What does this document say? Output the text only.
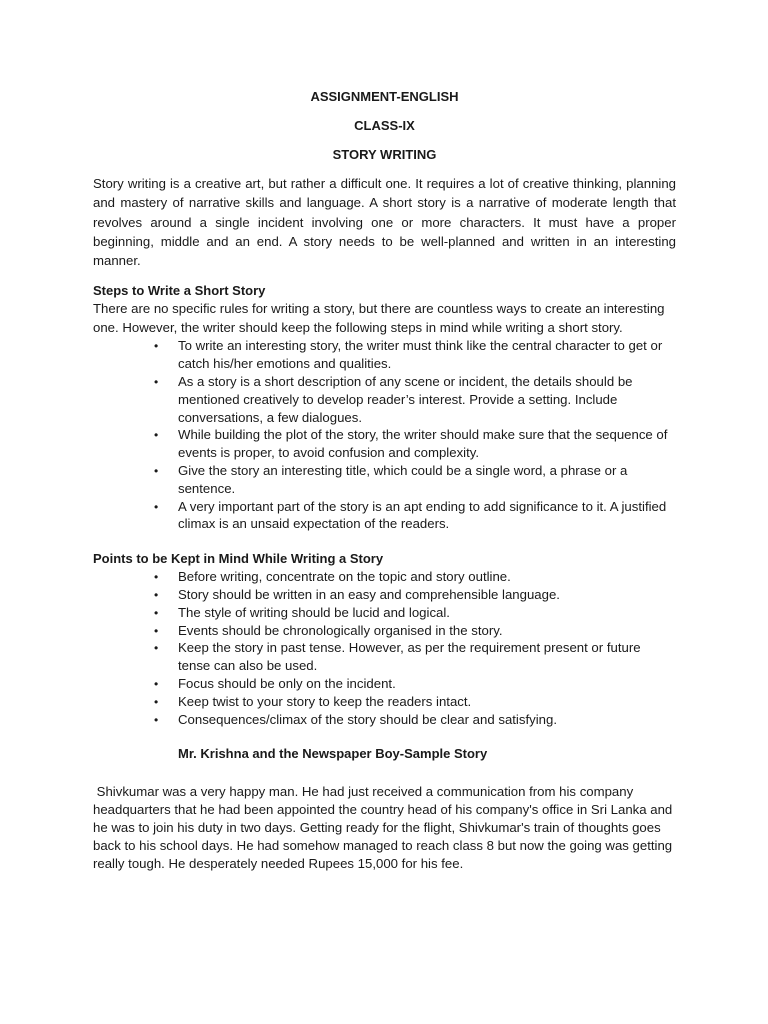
ASSIGNMENT-ENGLISH

CLASS-IX

STORY WRITING

Story writing is a creative art, but rather a difficult one. It requires a lot of creative thinking, planning and mastery of narrative skills and language. A short story is a narrative of moderate length that revolves around a single incident involving one or more characters. It must have a proper beginning, middle and an end. A story needs to be well-planned and written in an interesting manner.

Steps to Write a Short Story

There are no specific rules for writing a story, but there are countless ways to create an interesting one. However, the writer should keep the following steps in mind while writing a short story.

•	To write an interesting story, the writer must think like the central character to get or catch his/her emotions and qualities.
•	As a story is a short description of any scene or incident, the details should be mentioned creatively to develop reader’s interest. Provide a setting. Include conversations, a few dialogues.
•	While building the plot of the story, the writer should make sure that the sequence of events is proper, to avoid confusion and complexity.
•	Give the story an interesting title, which could be a single word, a phrase or a sentence.
•	A very important part of the story is an apt ending to add significance to it. A justified climax is an unsaid expectation of the readers.

Points to be Kept in Mind While Writing a Story

•	Before writing, concentrate on the topic and story outline.
•	Story should be written in an easy and comprehensible language.
•	The style of writing should be lucid and logical.
•	Events should be chronologically organised in the story.
•	Keep the story in past tense. However, as per the requirement present or future tense can also be used.
•	Focus should be only on the incident.
•	Keep twist to your story to keep the readers intact.
•	Consequences/climax of the story should be clear and satisfying.

Mr. Krishna and the Newspaper Boy-Sample Story

Shivkumar was a very happy man. He had just received a communication from his company headquarters that he had been appointed the country head of his company's office in Sri Lanka and he was to join his duty in two days. Getting ready for the flight, Shivkumar's train of thoughts goes back to his school days. He had somehow managed to reach class 8 but now the going was getting really tough. He desperately needed Rupees 15,000 for his fee.
